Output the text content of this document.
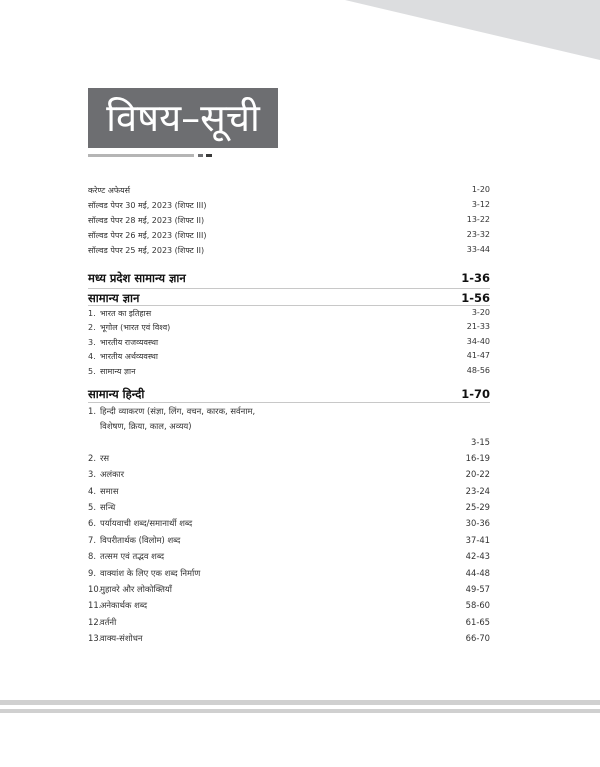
विषय–सूची
करेण्ट अफेयर्स	1-20
सॉल्वड पेपर 30 मई, 2023 (शिफ्ट III)	3-12
सॉल्वड पेपर 28 मई, 2023 (शिफ्ट II)	13-22
सॉल्वड पेपर 26 मई, 2023 (शिफ्ट III)	23-32
सॉल्वड पेपर 25 मई, 2023 (शिफ्ट II)	33-44
मध्य प्रदेश सामान्य ज्ञान	1-36
सामान्य ज्ञान	1-56
1. भारत का इतिहास	3-20
2. भूगोल (भारत एवं विश्व)	21-33
3. भारतीय राजव्यवस्था	34-40
4. भारतीय अर्थव्यवस्था	41-47
5. सामान्य ज्ञान	48-56
सामान्य हिन्दी	1-70
1. हिन्दी व्याकरण (संज्ञा, लिंग, वचन, कारक, सर्वनाम,
विशेषण, क्रिया, काल, अव्यय)
3-15
2. रस	16-19
3. अलंकार	20-22
4. समास	23-24
5. सन्धि	25-29
6. पर्यायवाची शब्द/समानार्थी शब्द	30-36
7. विपरीतार्थक (विलोम) शब्द	37-41
8. तत्सम एवं तद्भव शब्द	42-43
9. वाक्यांश के लिए एक शब्द निर्माण	44-48
10.मुहावरे और लोकोक्तियाँ	49-57
11.अनेकार्थक शब्द	58-60
12.वर्तनी	61-65
13.वाक्य-संशोधन	66-70
